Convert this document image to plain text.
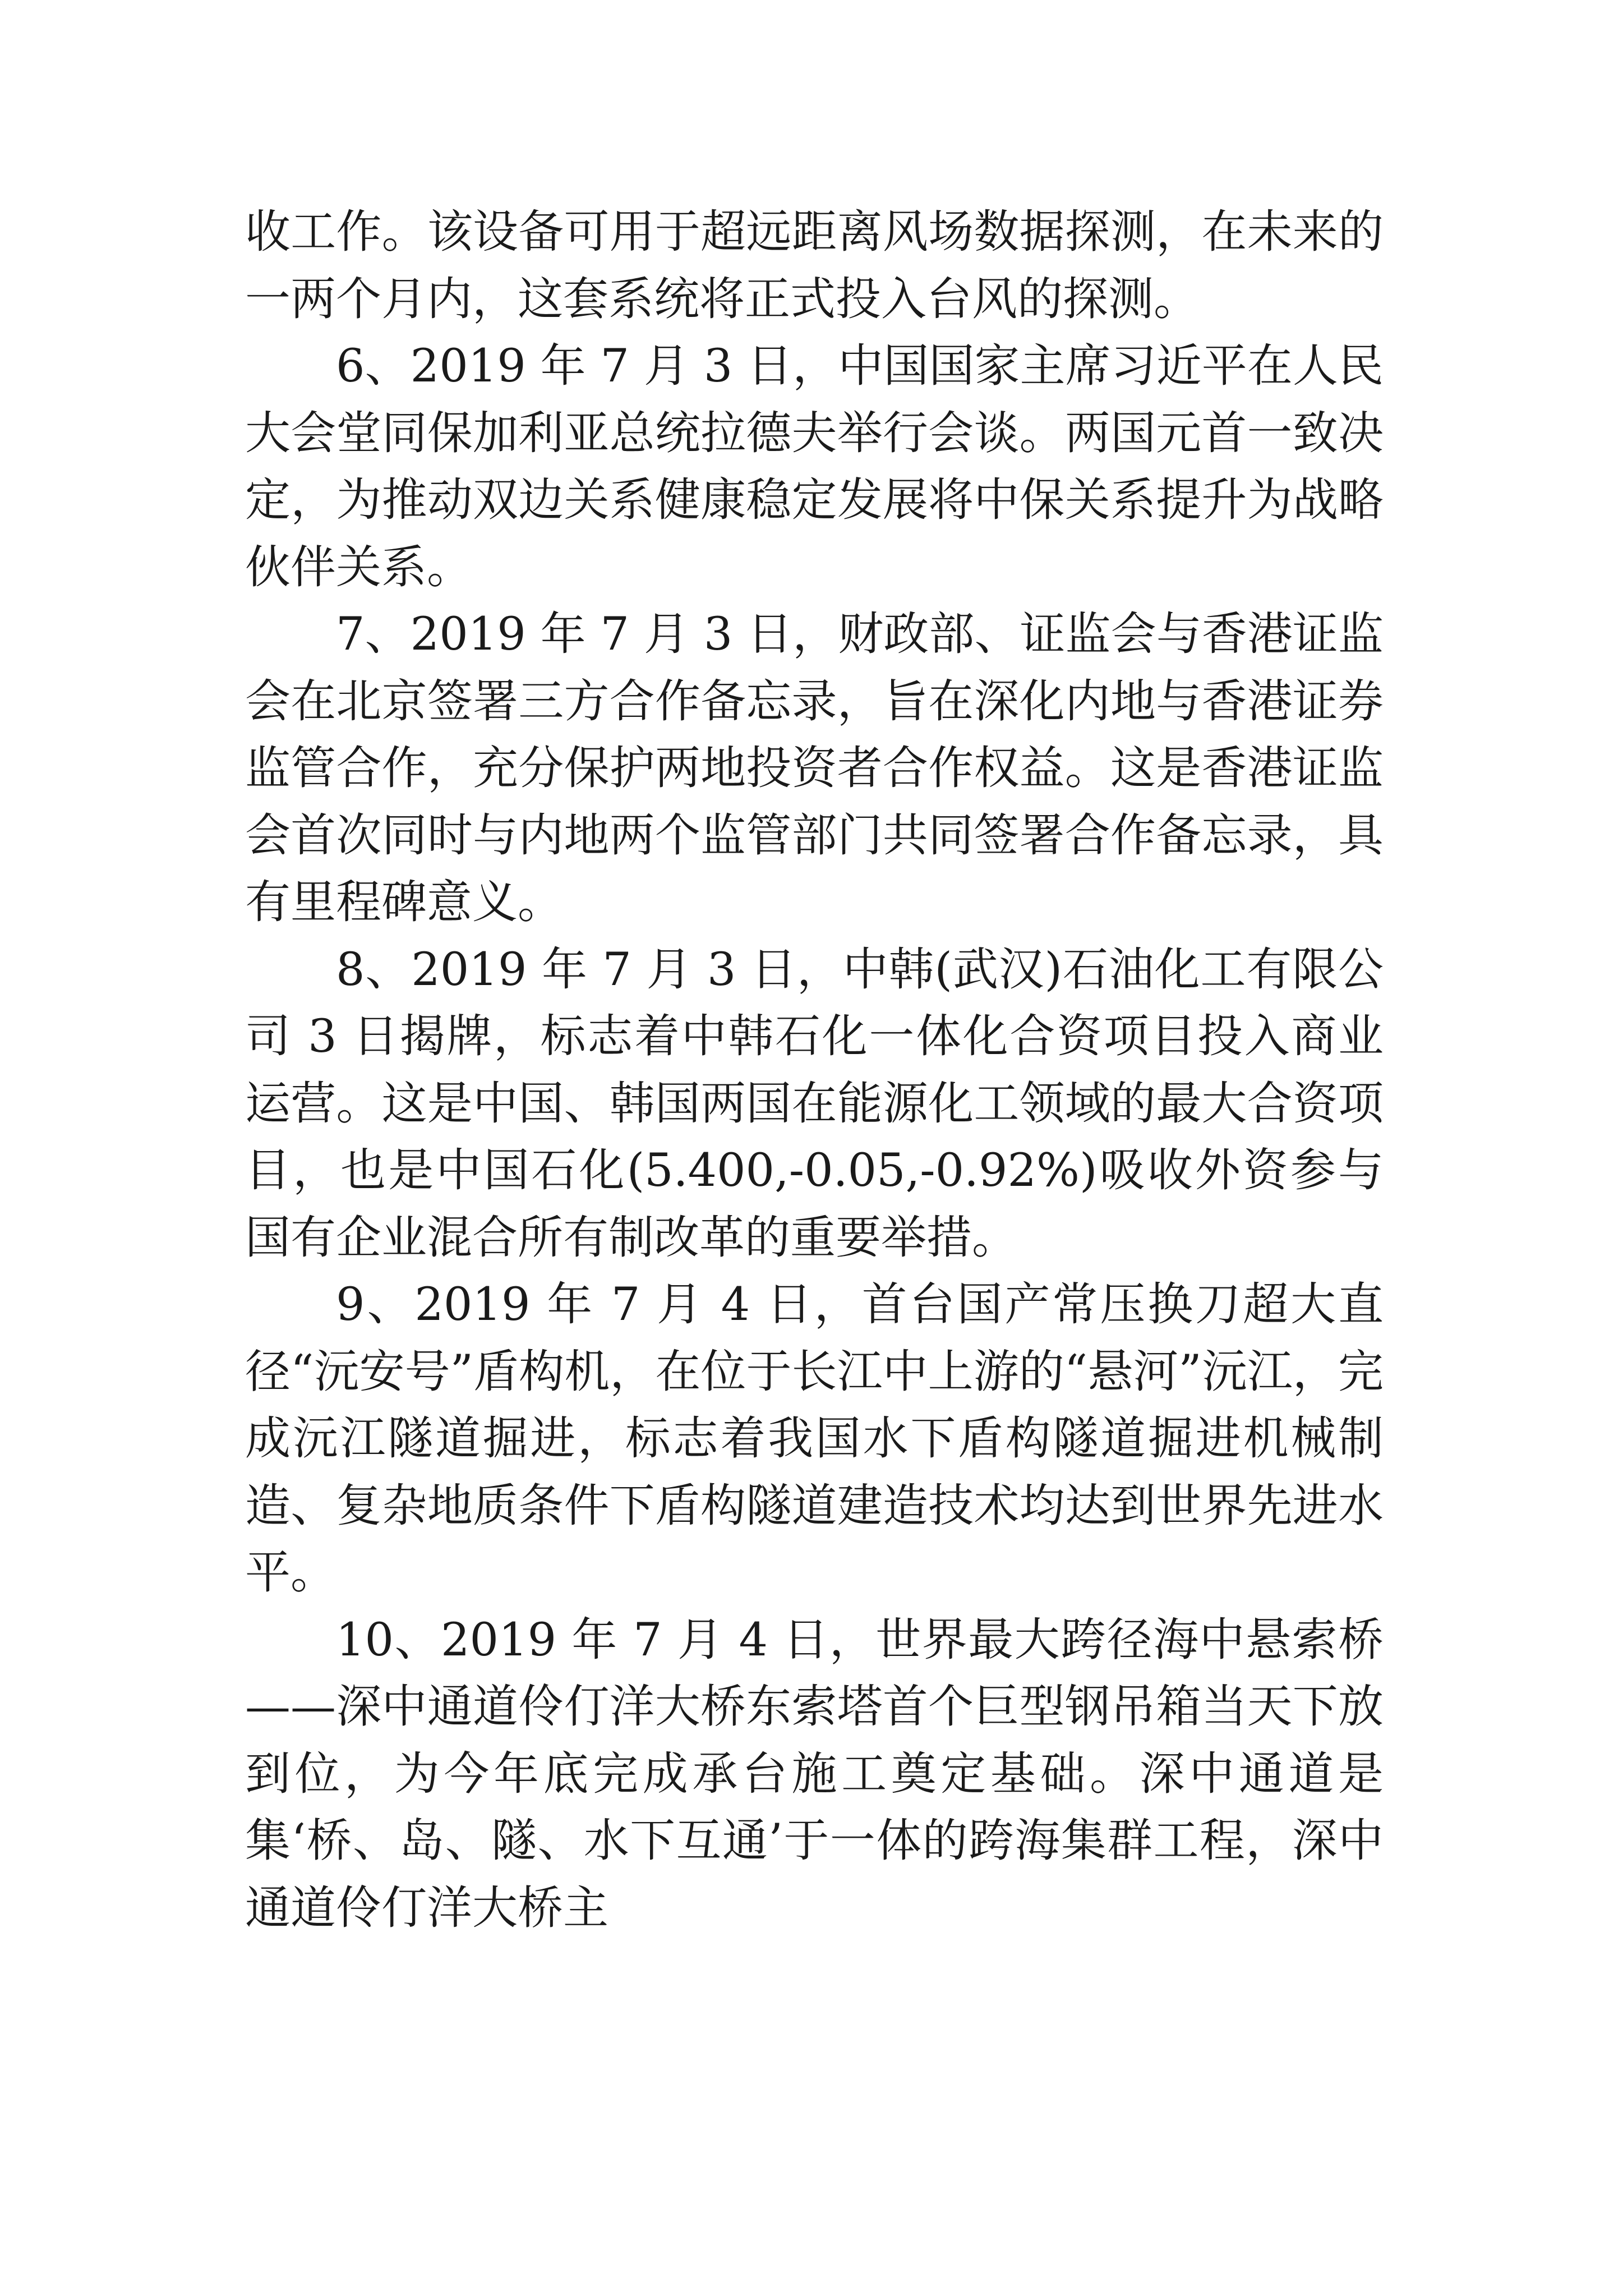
收工作。该设备可用于超远距离风场数据探测，在未来的一两个月内，这套系统将正式投入台风的探测。

6、2019 年 7 月 3 日，中国国家主席习近平在人民大会堂同保加利亚总统拉德夫举行会谈。两国元首一致决定，为推动双边关系健康稳定发展将中保关系提升为战略伙伴关系。

7、2019 年 7 月 3 日，财政部、证监会与香港证监会在北京签署三方合作备忘录，旨在深化内地与香港证券监管合作，充分保护两地投资者合作权益。这是香港证监会首次同时与内地两个监管部门共同签署合作备忘录，具有里程碑意义。

8、2019 年 7 月 3 日，中韩(武汉)石油化工有限公司 3 日揭牌，标志着中韩石化一体化合资项目投入商业运营。这是中国、韩国两国在能源化工领域的最大合资项目，也是中国石化(5.400,-0.05,-0.92%)吸收外资参与国有企业混合所有制改革的重要举措。

9、2019 年 7 月 4 日，首台国产常压换刀超大直径“沅安号”盾构机，在位于长江中上游的“悬河”沅江，完成沅江隧道掘进，标志着我国水下盾构隧道掘进机械制造、复杂地质条件下盾构隧道建造技术均达到世界先进水平。

10、2019 年 7 月 4 日，世界最大跨径海中悬索桥——深中通道伶仃洋大桥东索塔首个巨型钢吊箱当天下放到位，为今年底完成承台施工奠定基础。深中通道是集‘桥、岛、隧、水下互通’于一体的跨海集群工程，深中通道伶仃洋大桥主
